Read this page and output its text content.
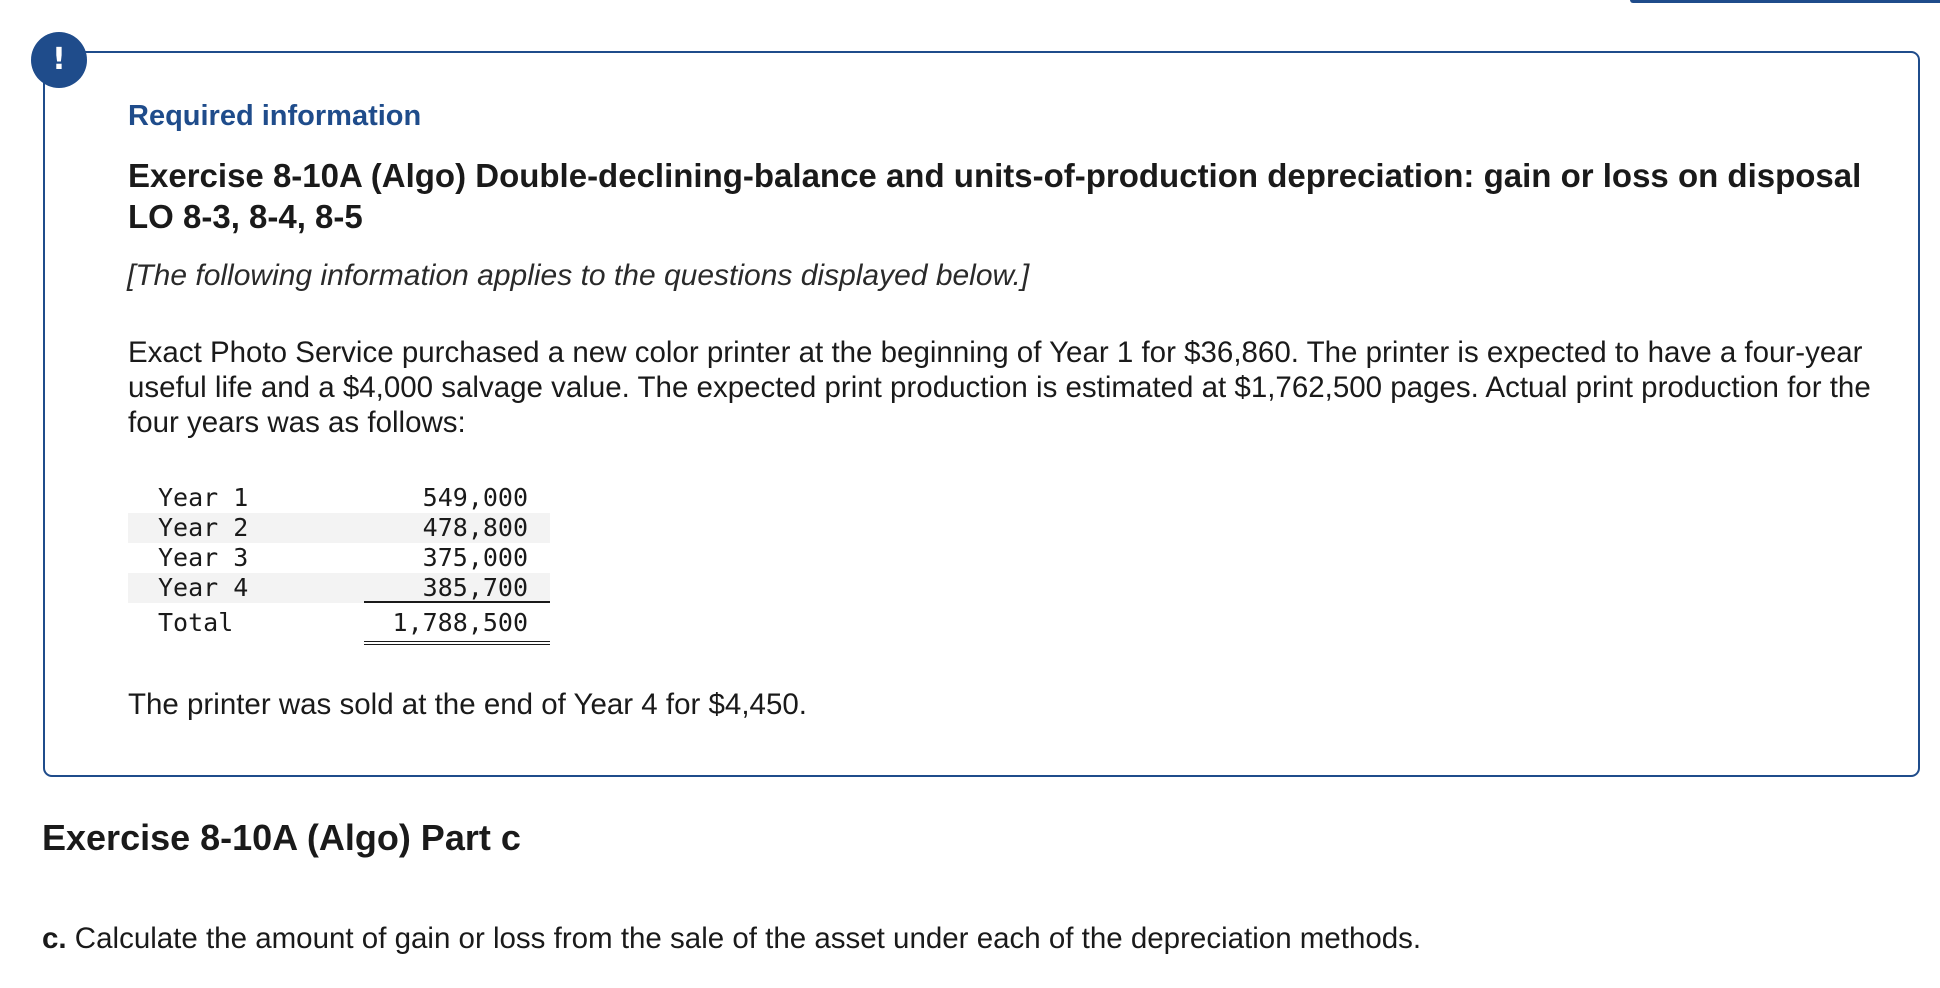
!
Required information
Exercise 8-10A (Algo) Double-declining-balance and units-of-production depreciation: gain or loss on disposal LO 8-3, 8-4, 8-5
[The following information applies to the questions displayed below.]
Exact Photo Service purchased a new color printer at the beginning of Year 1 for $36,860. The printer is expected to have a four-year useful life and a $4,000 salvage value. The expected print production is estimated at $1,762,500 pages. Actual print production for the four years was as follows:
Year 1	549,000
Year 2	478,800
Year 3	375,000
Year 4	385,700
Total	1,788,500
The printer was sold at the end of Year 4 for $4,450.
Exercise 8-10A (Algo) Part c
c. Calculate the amount of gain or loss from the sale of the asset under each of the depreciation methods.
